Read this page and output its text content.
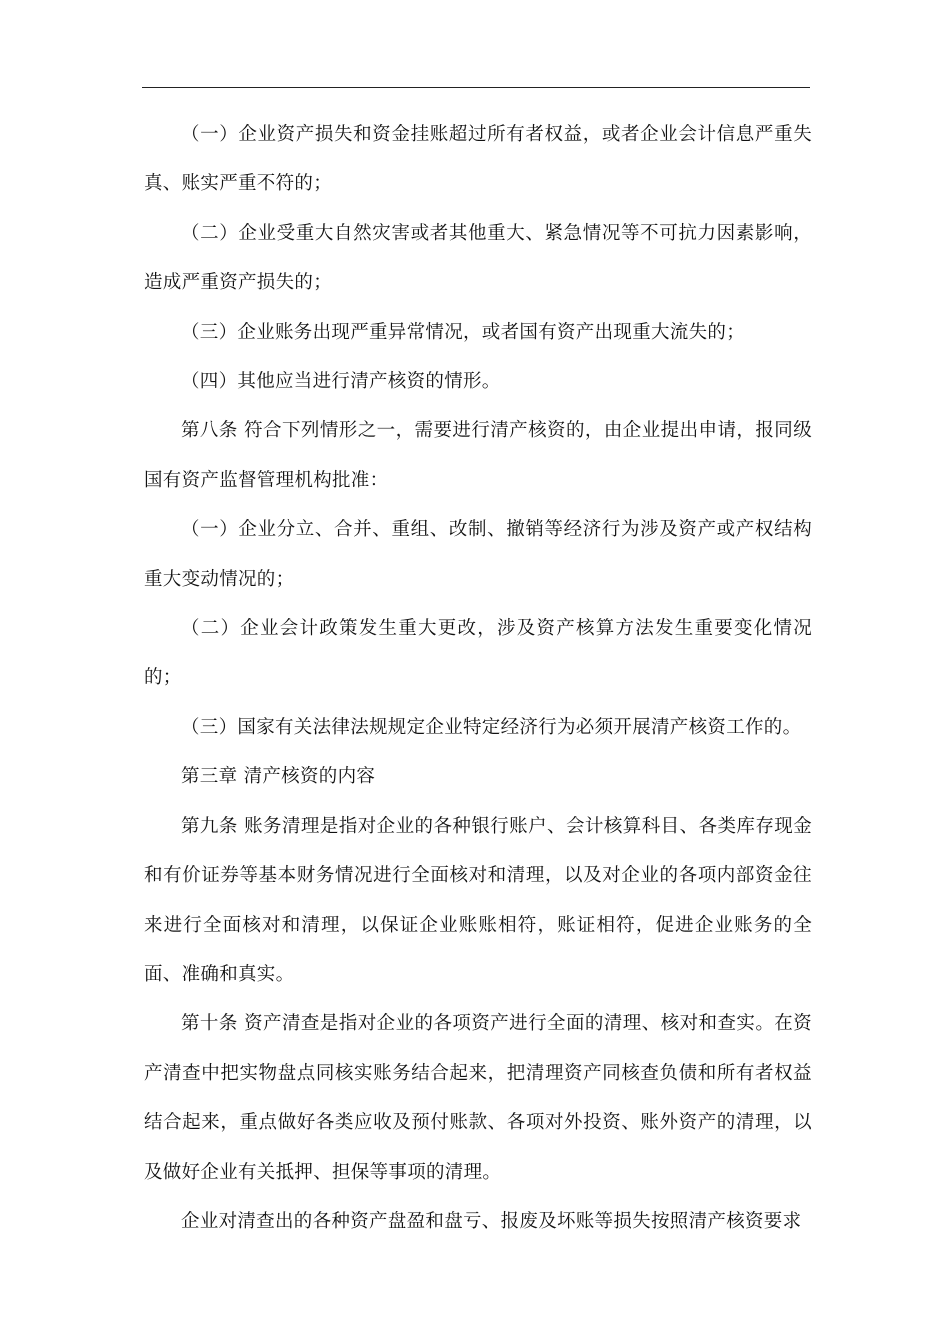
（一）企业资产损失和资金挂账超过所有者权益，或者企业会计信息严重失真、账实严重不符的；

（二）企业受重大自然灾害或者其他重大、紧急情况等不可抗力因素影响，造成严重资产损失的；

（三）企业账务出现严重异常情况，或者国有资产出现重大流失的；

（四）其他应当进行清产核资的情形。

第八条 符合下列情形之一，需要进行清产核资的，由企业提出申请，报同级国有资产监督管理机构批准：

（一）企业分立、合并、重组、改制、撤销等经济行为涉及资产或产权结构重大变动情况的；

（二）企业会计政策发生重大更改，涉及资产核算方法发生重要变化情况的；

（三）国家有关法律法规规定企业特定经济行为必须开展清产核资工作的。

第三章 清产核资的内容

第九条 账务清理是指对企业的各种银行账户、会计核算科目、各类库存现金和有价证券等基本财务情况进行全面核对和清理，以及对企业的各项内部资金往来进行全面核对和清理，以保证企业账账相符，账证相符，促进企业账务的全面、准确和真实。

第十条 资产清查是指对企业的各项资产进行全面的清理、核对和查实。在资产清查中把实物盘点同核实账务结合起来，把清理资产同核查负债和所有者权益结合起来，重点做好各类应收及预付账款、各项对外投资、账外资产的清理，以及做好企业有关抵押、担保等事项的清理。

企业对清查出的各种资产盘盈和盘亏、报废及坏账等损失按照清产核资要求
